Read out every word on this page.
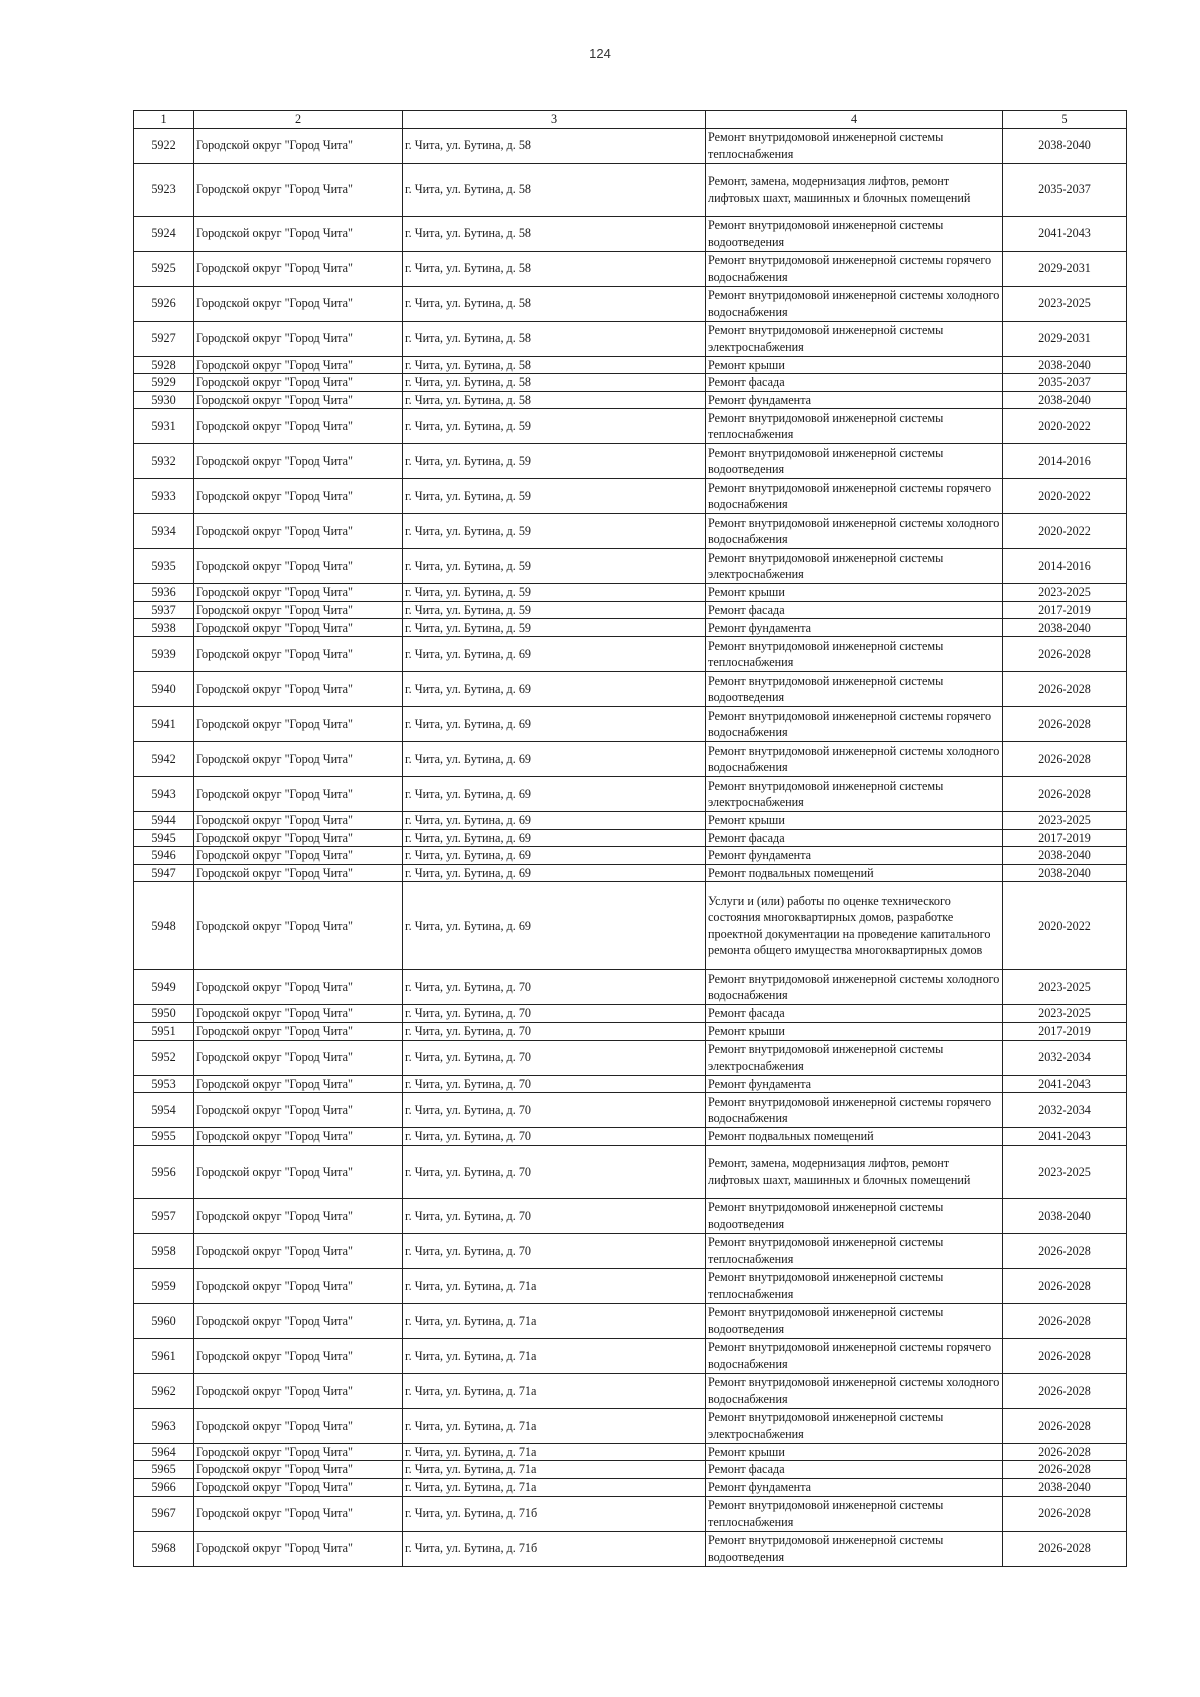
124
1	2	3	4	5
5922	Городской округ "Город Чита"	г. Чита, ул. Бутина, д. 58	Ремонт внутридомовой инженерной системы теплоснабжения	2038-2040
5923	Городской округ "Город Чита"	г. Чита, ул. Бутина, д. 58	Ремонт, замена, модернизация лифтов, ремонт лифтовых шахт, машинных и блочных помещений	2035-2037
5924	Городской округ "Город Чита"	г. Чита, ул. Бутина, д. 58	Ремонт внутридомовой инженерной системы водоотведения	2041-2043
5925	Городской округ "Город Чита"	г. Чита, ул. Бутина, д. 58	Ремонт внутридомовой инженерной системы горячего водоснабжения	2029-2031
5926	Городской округ "Город Чита"	г. Чита, ул. Бутина, д. 58	Ремонт внутридомовой инженерной системы холодного водоснабжения	2023-2025
5927	Городской округ "Город Чита"	г. Чита, ул. Бутина, д. 58	Ремонт внутридомовой инженерной системы электроснабжения	2029-2031
5928	Городской округ "Город Чита"	г. Чита, ул. Бутина, д. 58	Ремонт крыши	2038-2040
5929	Городской округ "Город Чита"	г. Чита, ул. Бутина, д. 58	Ремонт фасада	2035-2037
5930	Городской округ "Город Чита"	г. Чита, ул. Бутина, д. 58	Ремонт фундамента	2038-2040
5931	Городской округ "Город Чита"	г. Чита, ул. Бутина, д. 59	Ремонт внутридомовой инженерной системы теплоснабжения	2020-2022
5932	Городской округ "Город Чита"	г. Чита, ул. Бутина, д. 59	Ремонт внутридомовой инженерной системы водоотведения	2014-2016
5933	Городской округ "Город Чита"	г. Чита, ул. Бутина, д. 59	Ремонт внутридомовой инженерной системы горячего водоснабжения	2020-2022
5934	Городской округ "Город Чита"	г. Чита, ул. Бутина, д. 59	Ремонт внутридомовой инженерной системы холодного водоснабжения	2020-2022
5935	Городской округ "Город Чита"	г. Чита, ул. Бутина, д. 59	Ремонт внутридомовой инженерной системы электроснабжения	2014-2016
5936	Городской округ "Город Чита"	г. Чита, ул. Бутина, д. 59	Ремонт крыши	2023-2025
5937	Городской округ "Город Чита"	г. Чита, ул. Бутина, д. 59	Ремонт фасада	2017-2019
5938	Городской округ "Город Чита"	г. Чита, ул. Бутина, д. 59	Ремонт фундамента	2038-2040
5939	Городской округ "Город Чита"	г. Чита, ул. Бутина, д. 69	Ремонт внутридомовой инженерной системы теплоснабжения	2026-2028
5940	Городской округ "Город Чита"	г. Чита, ул. Бутина, д. 69	Ремонт внутридомовой инженерной системы водоотведения	2026-2028
5941	Городской округ "Город Чита"	г. Чита, ул. Бутина, д. 69	Ремонт внутридомовой инженерной системы горячего водоснабжения	2026-2028
5942	Городской округ "Город Чита"	г. Чита, ул. Бутина, д. 69	Ремонт внутридомовой инженерной системы холодного водоснабжения	2026-2028
5943	Городской округ "Город Чита"	г. Чита, ул. Бутина, д. 69	Ремонт внутридомовой инженерной системы электроснабжения	2026-2028
5944	Городской округ "Город Чита"	г. Чита, ул. Бутина, д. 69	Ремонт крыши	2023-2025
5945	Городской округ "Город Чита"	г. Чита, ул. Бутина, д. 69	Ремонт фасада	2017-2019
5946	Городской округ "Город Чита"	г. Чита, ул. Бутина, д. 69	Ремонт фундамента	2038-2040
5947	Городской округ "Город Чита"	г. Чита, ул. Бутина, д. 69	Ремонт подвальных помещений	2038-2040
5948	Городской округ "Город Чита"	г. Чита, ул. Бутина, д. 69	Услуги и (или) работы по оценке технического состояния многоквартирных домов, разработке проектной документации на проведение капитального ремонта общего имущества многоквартирных домов	2020-2022
5949	Городской округ "Город Чита"	г. Чита, ул. Бутина, д. 70	Ремонт внутридомовой инженерной системы холодного водоснабжения	2023-2025
5950	Городской округ "Город Чита"	г. Чита, ул. Бутина, д. 70	Ремонт фасада	2023-2025
5951	Городской округ "Город Чита"	г. Чита, ул. Бутина, д. 70	Ремонт крыши	2017-2019
5952	Городской округ "Город Чита"	г. Чита, ул. Бутина, д. 70	Ремонт внутридомовой инженерной системы электроснабжения	2032-2034
5953	Городской округ "Город Чита"	г. Чита, ул. Бутина, д. 70	Ремонт фундамента	2041-2043
5954	Городской округ "Город Чита"	г. Чита, ул. Бутина, д. 70	Ремонт внутридомовой инженерной системы горячего водоснабжения	2032-2034
5955	Городской округ "Город Чита"	г. Чита, ул. Бутина, д. 70	Ремонт подвальных помещений	2041-2043
5956	Городской округ "Город Чита"	г. Чита, ул. Бутина, д. 70	Ремонт, замена, модернизация лифтов, ремонт лифтовых шахт, машинных и блочных помещений	2023-2025
5957	Городской округ "Город Чита"	г. Чита, ул. Бутина, д. 70	Ремонт внутридомовой инженерной системы водоотведения	2038-2040
5958	Городской округ "Город Чита"	г. Чита, ул. Бутина, д. 70	Ремонт внутридомовой инженерной системы теплоснабжения	2026-2028
5959	Городской округ "Город Чита"	г. Чита, ул. Бутина, д. 71а	Ремонт внутридомовой инженерной системы теплоснабжения	2026-2028
5960	Городской округ "Город Чита"	г. Чита, ул. Бутина, д. 71а	Ремонт внутридомовой инженерной системы водоотведения	2026-2028
5961	Городской округ "Город Чита"	г. Чита, ул. Бутина, д. 71а	Ремонт внутридомовой инженерной системы горячего водоснабжения	2026-2028
5962	Городской округ "Город Чита"	г. Чита, ул. Бутина, д. 71а	Ремонт внутридомовой инженерной системы холодного водоснабжения	2026-2028
5963	Городской округ "Город Чита"	г. Чита, ул. Бутина, д. 71а	Ремонт внутридомовой инженерной системы электроснабжения	2026-2028
5964	Городской округ "Город Чита"	г. Чита, ул. Бутина, д. 71а	Ремонт крыши	2026-2028
5965	Городской округ "Город Чита"	г. Чита, ул. Бутина, д. 71а	Ремонт фасада	2026-2028
5966	Городской округ "Город Чита"	г. Чита, ул. Бутина, д. 71а	Ремонт фундамента	2038-2040
5967	Городской округ "Город Чита"	г. Чита, ул. Бутина, д. 71б	Ремонт внутридомовой инженерной системы теплоснабжения	2026-2028
5968	Городской округ "Город Чита"	г. Чита, ул. Бутина, д. 71б	Ремонт внутридомовой инженерной системы водоотведения	2026-2028
